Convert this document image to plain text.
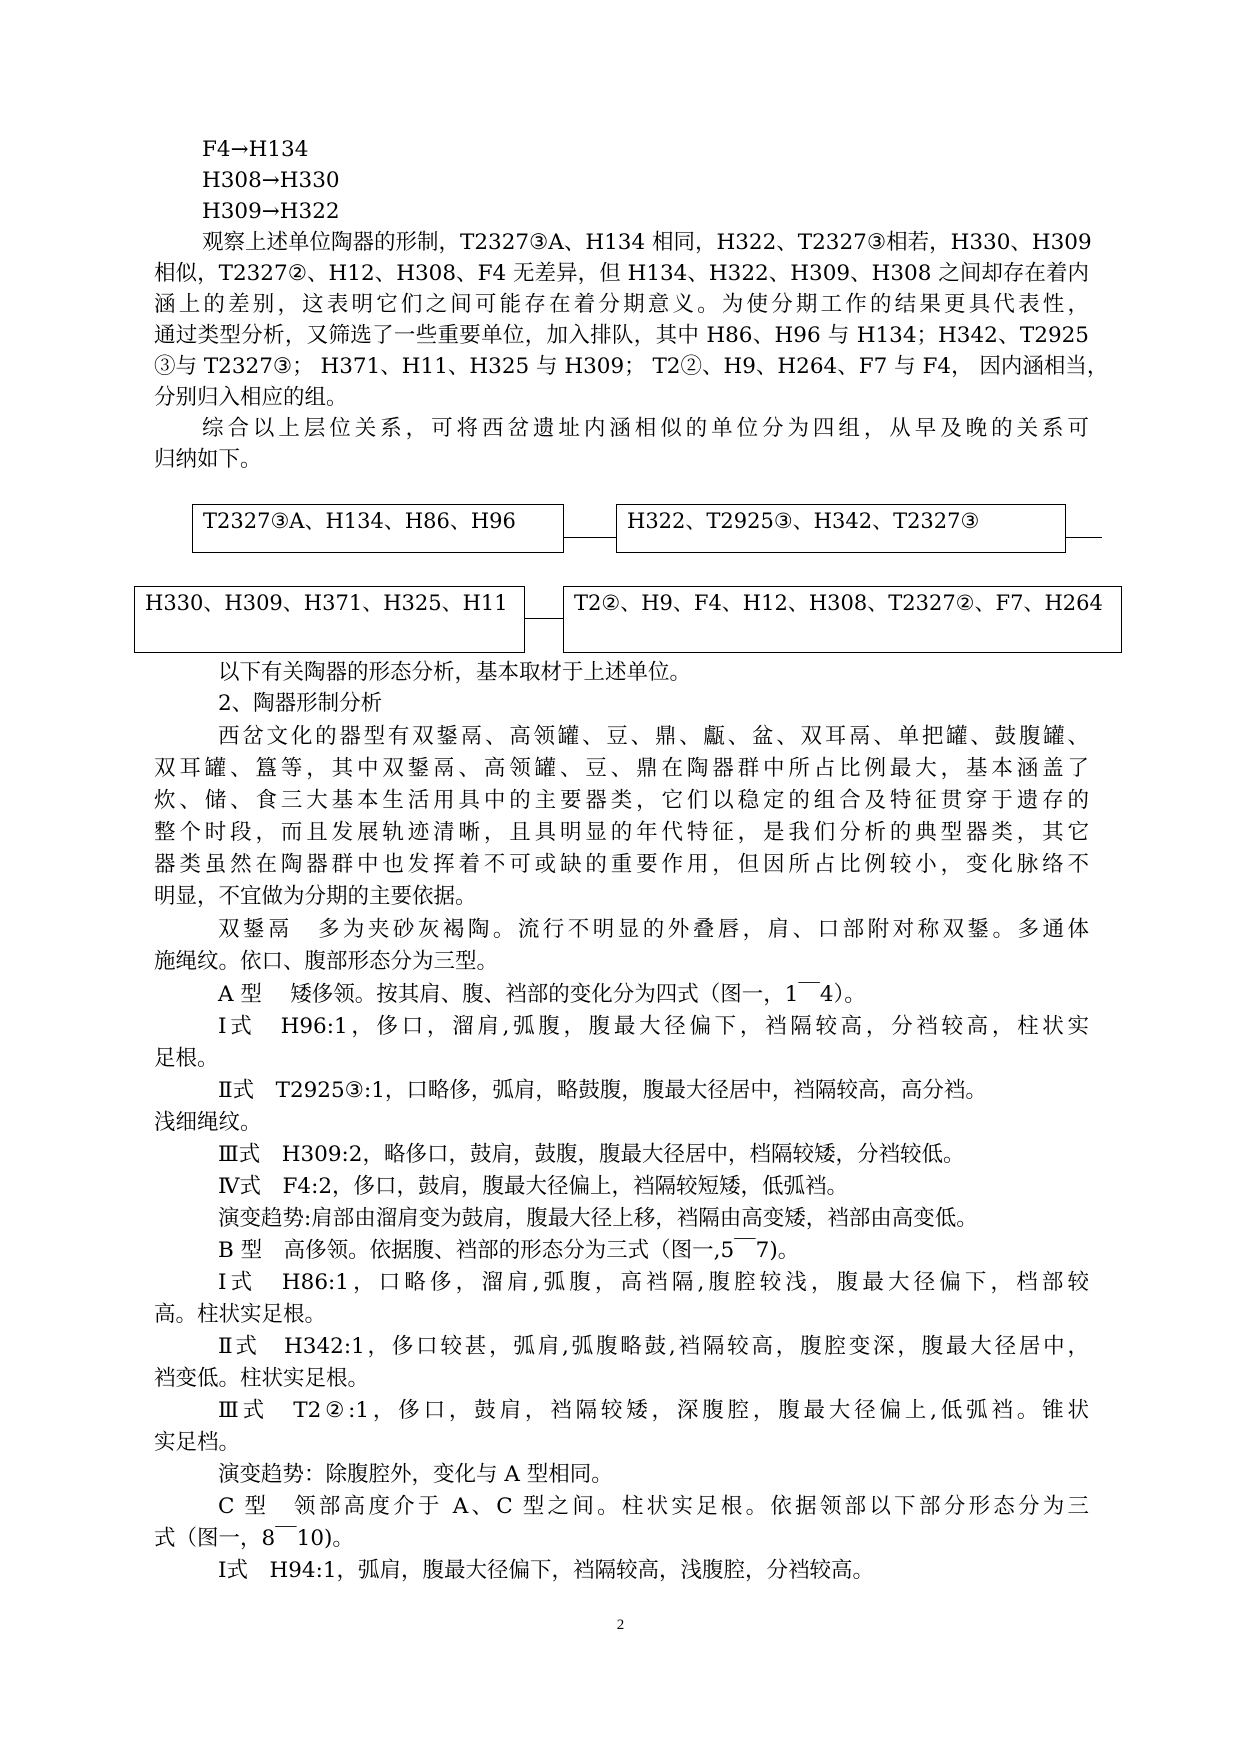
F4→H134
H308→H330
H309→H322
观察上述单位陶器的形制，T2327③A、H134 相同，H322、T2327③相若，H330、H309
相似，T2327②、H12、H308、F4 无差异，但 H134、H322、H309、H308 之间却存在着内
涵上的差别，这表明它们之间可能存在着分期意义。为使分期工作的结果更具代表性，
通过类型分析，又筛选了一些重要单位，加入排队，其中 H86、H96 与 H134；H342、T2925
③与 T2327③； H371、H11、H325 与 H309； T2②、H9、H264、F7 与 F4， 因内涵相当，
分别归入相应的组。
综合以上层位关系，可将西岔遗址内涵相似的单位分为四组，从早及晚的关系可
归纳如下。
T2327③A、H134、H86、H96	H322、T2925③、H342、T2327③
H330、H309、H371、H325、H11	T2②、H9、F4、H12、H308、T2327②、F7、H264
以下有关陶器的形态分析，基本取材于上述单位。
2、陶器形制分析
西岔文化的器型有双鋬鬲、高领罐、豆、鼎、甗、盆、双耳鬲、单把罐、鼓腹罐、
双耳罐、簋等，其中双鋬鬲、高领罐、豆、鼎在陶器群中所占比例最大，基本涵盖了
炊、储、食三大基本生活用具中的主要器类，它们以稳定的组合及特征贯穿于遗存的
整个时段，而且发展轨迹清晰，且具明显的年代特征，是我们分析的典型器类，其它
器类虽然在陶器群中也发挥着不可或缺的重要作用，但因所占比例较小，变化脉络不
明显，不宜做为分期的主要依据。
双鋬鬲　多为夹砂灰褐陶。流行不明显的外叠唇，肩、口部附对称双鋬。多通体
施绳纹。依口、腹部形态分为三型。
A 型　 矮侈领。按其肩、腹、裆部的变化分为四式（图一，1￣4）。
Ⅰ式　H96:1，侈口，溜肩,弧腹，腹最大径偏下，裆隔较高，分裆较高，柱状实
足根。
Ⅱ式　T2925③:1，口略侈，弧肩，略鼓腹，腹最大径居中，裆隔较高，高分裆。
浅细绳纹。
Ⅲ式　H309:2，略侈口，鼓肩，鼓腹，腹最大径居中，档隔较矮，分裆较低。
Ⅳ式　F4:2，侈口，鼓肩，腹最大径偏上，裆隔较短矮，低弧裆。
演变趋势:肩部由溜肩变为鼓肩，腹最大径上移，裆隔由高变矮，裆部由高变低。
B 型　高侈领。依据腹、裆部的形态分为三式（图一,5￣7)。
Ⅰ式　H86:1，口略侈，溜肩,弧腹，高裆隔,腹腔较浅，腹最大径偏下，档部较
高。柱状实足根。
Ⅱ式　H342:1，侈口较甚，弧肩,弧腹略鼓,裆隔较高，腹腔变深，腹最大径居中，
裆变低。柱状实足根。
Ⅲ式　T2②:1，侈口，鼓肩，裆隔较矮，深腹腔，腹最大径偏上,低弧裆。锥状
实足档。
演变趋势：除腹腔外，变化与 A 型相同。
C 型　领部高度介于 A、C 型之间。柱状实足根。依据领部以下部分形态分为三
式（图一，8￣10)。
Ⅰ式　H94:1，弧肩，腹最大径偏下，裆隔较高，浅腹腔，分裆较高。
2
